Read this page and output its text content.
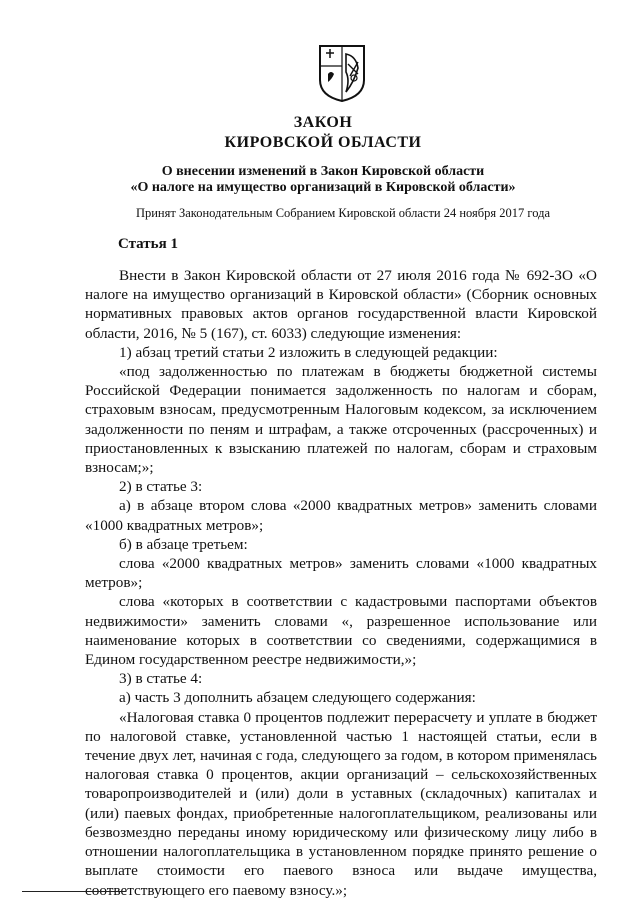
ЗАКОН
КИРОВСКОЙ ОБЛАСТИ
О внесении изменений в Закон Кировской области
«О налоге на имущество организаций в Кировской области»
Принят Законодательным Собранием Кировской области 24 ноября 2017 года
Статья 1

Внести в Закон Кировской области от 27 июля 2016 года № 692-ЗО «О налоге на имущество организаций в Кировской области» (Сборник основных нормативных правовых актов органов государственной власти Кировской области, 2016, № 5 (167), ст. 6033) следующие изменения:

1) абзац третий статьи 2 изложить в следующей редакции:

«под задолженностью по платежам в бюджеты бюджетной системы Российской Федерации понимается задолженность по налогам и сборам, страховым взносам, предусмотренным Налоговым кодексом, за исключением задолженности по пеням и штрафам, а также отсроченных (рассроченных) и приостановленных к взысканию платежей по налогам, сборам и страховым взносам;»;

2) в статье 3:

а) в абзаце втором слова «2000 квадратных метров» заменить словами «1000 квадратных метров»;

б) в абзаце третьем:

слова «2000 квадратных метров» заменить словами «1000 квадратных метров»;

слова «которых в соответствии с кадастровыми паспортами объектов недвижимости» заменить словами «, разрешенное использование или наименование которых в соответствии со сведениями, содержащимися в Едином государственном реестре недвижимости,»;

3) в статье 4:

а) часть 3 дополнить абзацем следующего содержания:

«Налоговая ставка 0 процентов подлежит перерасчету и уплате в бюджет по налоговой ставке, установленной частью 1 настоящей статьи, если в течение двух лет, начиная с года, следующего за годом, в котором применялась налоговая ставка 0 процентов, акции организаций – сельскохозяйственных товаропроизводителей и (или) доли в уставных (складочных) капиталах и (или) паевых фондах, приобретенные налогоплательщиком, реализованы или безвозмездно переданы иному юридическому или физическому лицу либо в отношении налогоплательщика в установленном порядке принято решение о выплате стоимости его паевого взноса или выдаче имущества, соответствующего его паевому взносу.»;
